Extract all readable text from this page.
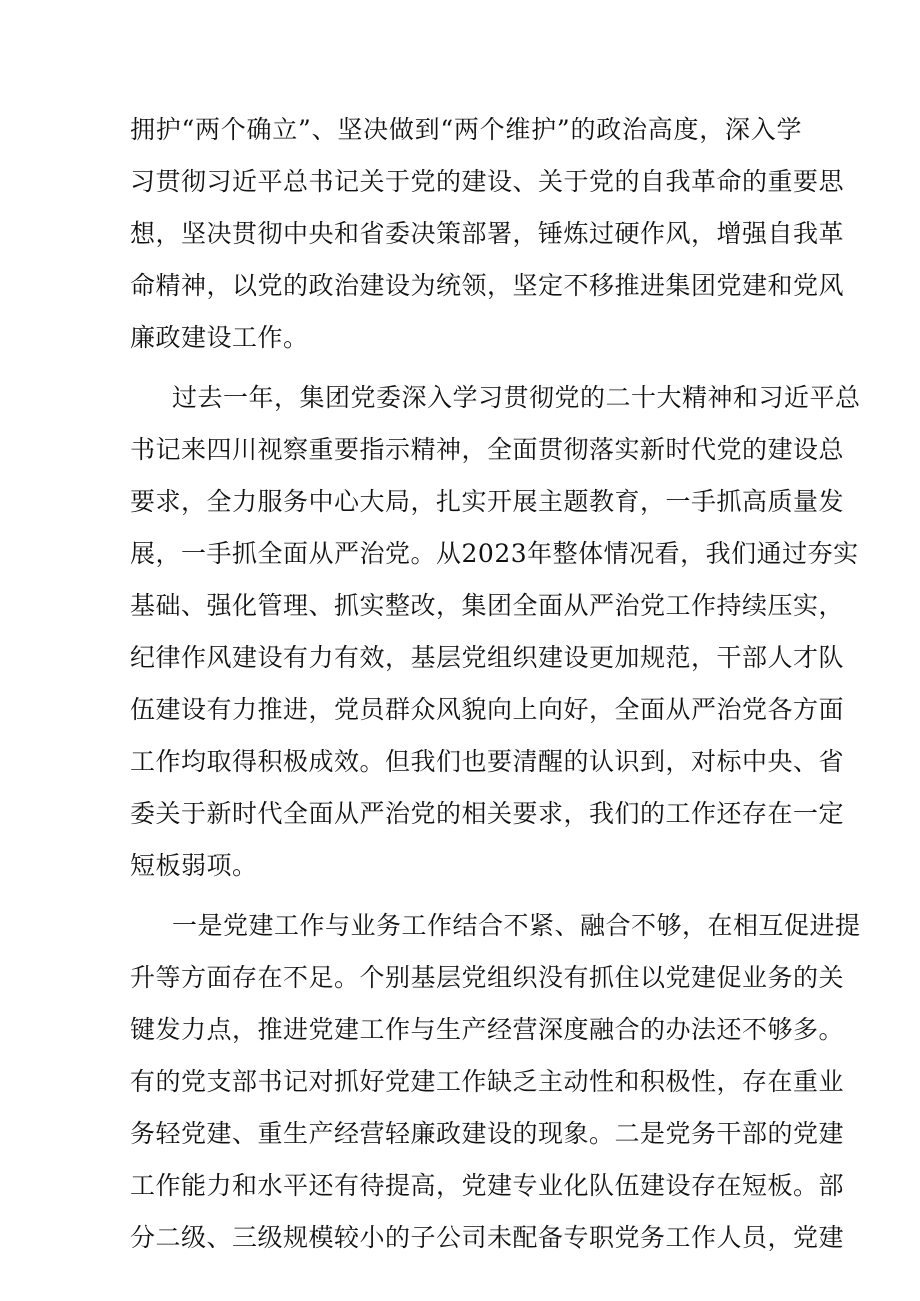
拥护“两个确立”、坚决做到“两个维护”的政治高度，深入学

习贯彻习近平总书记关于党的建设、关于党的自我革命的重要思

想，坚决贯彻中央和省委决策部署，锤炼过硬作风，增强自我革

命精神，以党的政治建设为统领，坚定不移推进集团党建和党风

廉政建设工作。

过去一年，集团党委深入学习贯彻党的二十大精神和习近平总

书记来四川视察重要指示精神，全面贯彻落实新时代党的建设总

要求，全力服务中心大局，扎实开展主题教育，一手抓高质量发

展，一手抓全面从严治党。从2023年整体情况看，我们通过夯实

基础、强化管理、抓实整改，集团全面从严治党工作持续压实，

纪律作风建设有力有效，基层党组织建设更加规范，干部人才队

伍建设有力推进，党员群众风貌向上向好，全面从严治党各方面

工作均取得积极成效。但我们也要清醒的认识到，对标中央、省

委关于新时代全面从严治党的相关要求，我们的工作还存在一定

短板弱项。

一是党建工作与业务工作结合不紧、融合不够，在相互促进提

升等方面存在不足。个别基层党组织没有抓住以党建促业务的关

键发力点，推进党建工作与生产经营深度融合的办法还不够多。

有的党支部书记对抓好党建工作缺乏主动性和积极性，存在重业

务轻党建、重生产经营轻廉政建设的现象。二是党务干部的党建

工作能力和水平还有待提高，党建专业化队伍建设存在短板。部

分二级、三级规模较小的子公司未配备专职党务工作人员，党建
